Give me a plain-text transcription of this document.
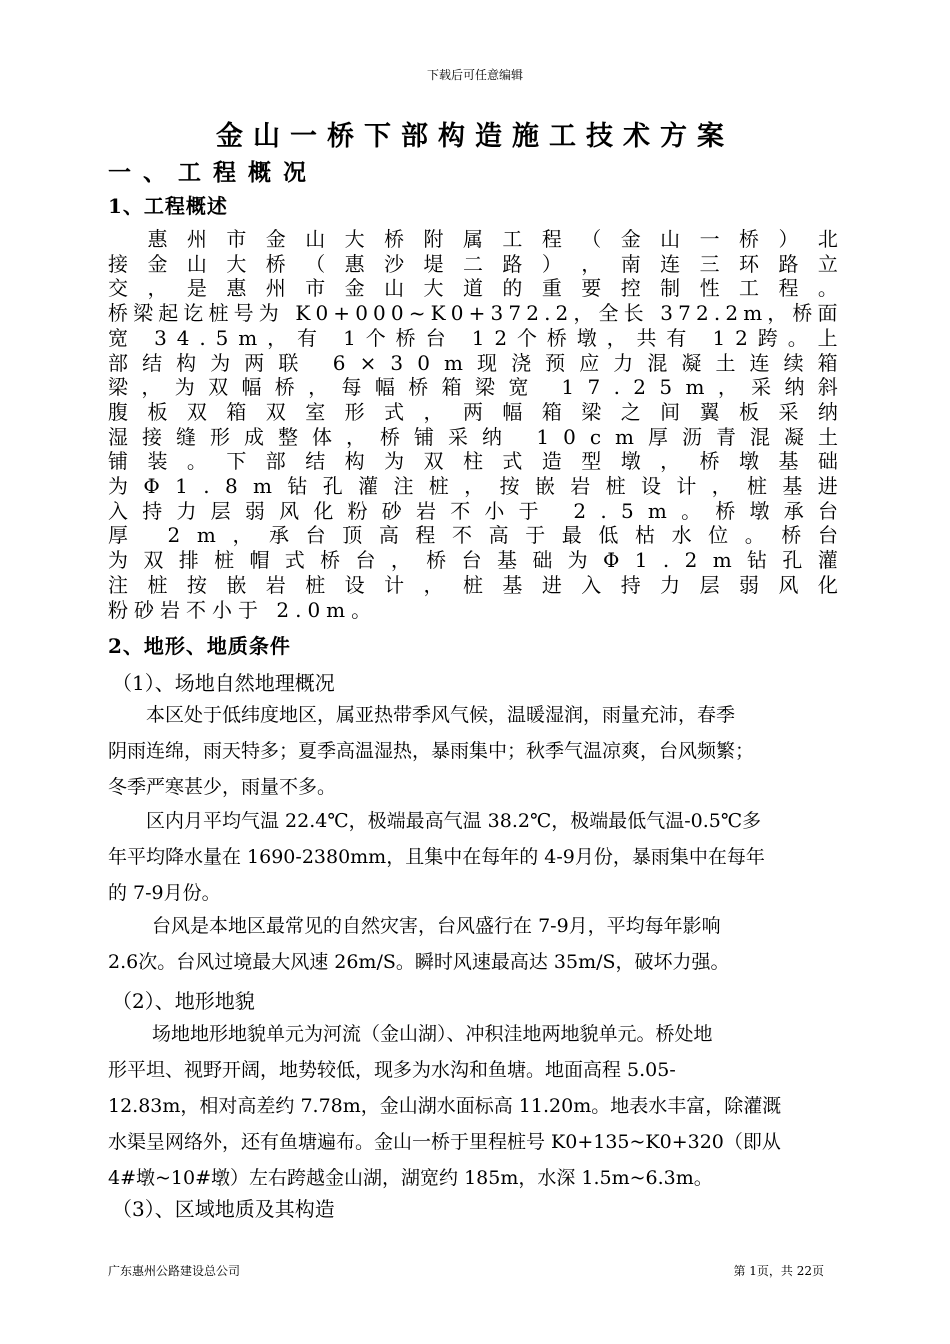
下载后可任意编辑
金山一桥下部构造施工技术方案
一、工程概况
1、工程概述

惠 州 市 金 山 大 桥 附 属 工 程 （ 金 山 一 桥 ） 北
接 金 山 大 桥 （ 惠 沙 堤 二 路 ） ， 南 连 三 环 路 立
交 ， 是 惠 州 市 金 山 大 道 的 重 要 控 制 性 工 程 。
桥 梁 起 讫 桩 号 为
K 0 + 0 0 0 ~ K 0 + 3 7 2 . 2 ， 全 长
3 7 2 . 2 m ， 桥 面
宽
3 4 . 5 m ， 有
1 个 桥 台
1 2 个 桥 墩 ， 共 有
1 2 跨 。 上
部 结 构 为 两 联
6 × 3 0 m 现 浇 预 应 力 混 凝 土 连 续 箱
梁 ， 为 双 幅 桥 ， 每 幅 桥 箱 梁 宽
1 7 . 2 5 m ， 采 纳 斜
腹 板 双 箱 双 室 形 式 ， 两 幅 箱 梁 之 间 翼 板 采 纳
湿 接 缝 形 成 整 体 ， 桥 铺 采 纳
1 0 c m 厚 沥 青 混 凝 土
铺 装 。 下 部 结 构 为 双 柱 式 造 型 墩 ， 桥 墩 基 础
为 Φ 1 . 8 m 钻 孔 灌 注 桩 ， 按 嵌 岩 桩 设 计 ， 桩 基 进
入 持 力 层 弱 风 化 粉 砂 岩 不 小 于
2 . 5 m 。 桥 墩 承 台
厚
2 m ， 承 台 顶 高 程 不 高 于 最 低 枯 水 位 。 桥 台
为 双 排 桩 帽 式 桥 台 ， 桥 台 基 础 为 Φ 1 . 2 m 钻 孔 灌
注 桩 按 嵌 岩 桩 设 计 ， 桩 基 进 入 持 力 层 弱 风 化
粉砂岩不小于 2.0m。
2、地形、地质条件
（1）、场地自然地理概况
　　本区处于低纬度地区，属亚热带季风气候，温暖湿润，雨量充沛，春季
阴雨连绵，雨天特多；夏季高温湿热，暴雨集中；秋季气温凉爽，台风频繁；
冬季严寒甚少，雨量不多。
　　区内月平均气温 22.4℃，极端最高气温 38.2℃，极端最低气温-0.5℃多
年平均降水量在 1690-2380mm，且集中在每年的 4-9月份，暴雨集中在每年
的 7-9月份。
　　 台风是本地区最常见的自然灾害，台风盛行在 7-9月，平均每年影响
2.6次。台风过境最大风速 26m/S。瞬时风速最高达 35m/S，破坏力强。
（2）、地形地貌
　　 场地地形地貌单元为河流（金山湖）、冲积洼地两地貌单元。桥处地
形平坦、视野开阔，地势较低，现多为水沟和鱼塘。地面高程 5.05-
12.83m，相对高差约 7.78m，金山湖水面标高 11.20m。地表水丰富，除灌溉
水渠呈网络外，还有鱼塘遍布。金山一桥于里程桩号 K0+135~K0+320（即从
4#墩~10#墩）左右跨越金山湖，湖宽约 185m，水深 1.5m~6.3m。
（3）、区域地质及其构造
广东惠州公路建设总公司	第 1页，共 22页
